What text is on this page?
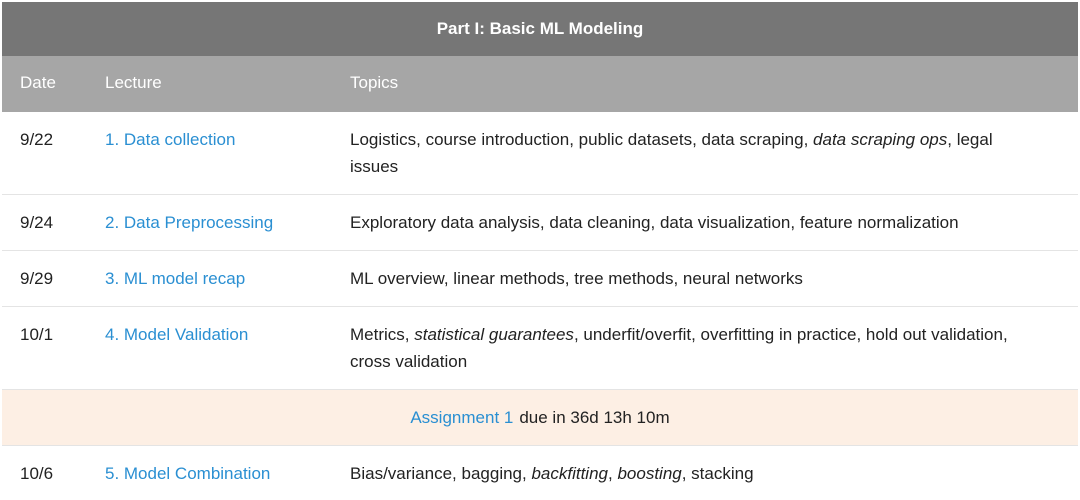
Part I: Basic ML Modeling
Date	Lecture	Topics
9/22	1. Data collection	Logistics, course introduction, public datasets, data scraping, data scraping ops, legal issues
9/24	2. Data Preprocessing	Exploratory data analysis, data cleaning, data visualization, feature normalization
9/29	3. ML model recap	ML overview, linear methods, tree methods, neural networks
10/1	4. Model Validation	Metrics, statistical guarantees, underfit/overfit, overfitting in practice, hold out validation, cross validation
Assignment 1 due in 36d 13h 10m
10/6	5. Model Combination	Bias/variance, bagging, backfitting, boosting, stacking
